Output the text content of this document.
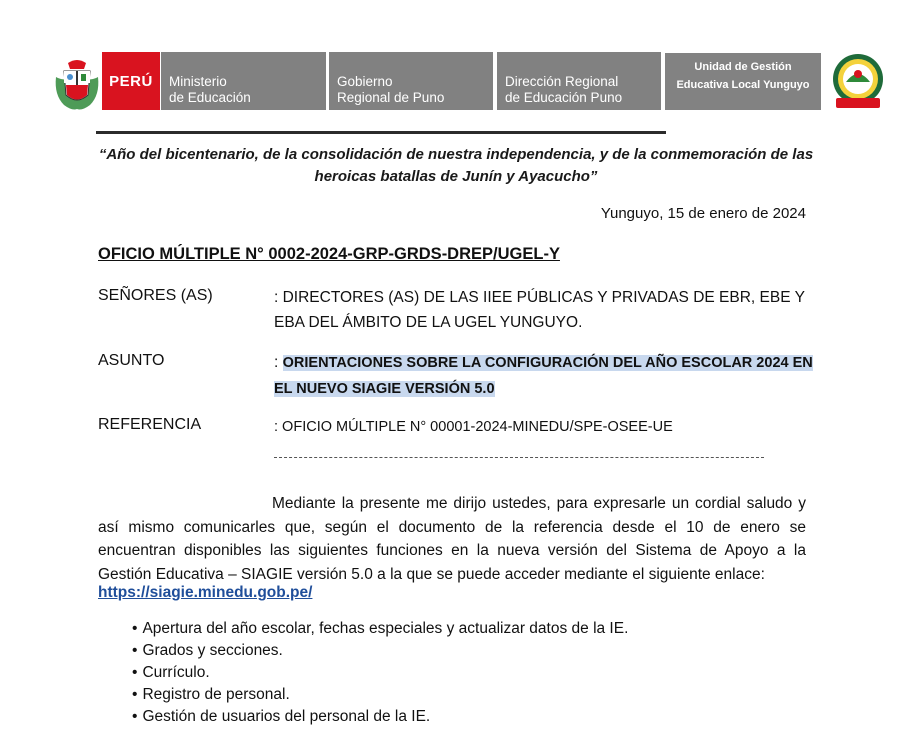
PERÚ Ministerio
de Educación
Gobierno
Regional de Puno
Dirección Regional
de Educación Puno
Unidad de Gestión
Educativa Local Yunguyo
“Año del bicentenario, de la consolidación de nuestra independencia, y de la conmemoración de las heroicas batallas de Junín y Ayacucho”
Yunguyo, 15 de enero de 2024
OFICIO MÚLTIPLE N° 0002-2024-GRP-GRDS-DREP/UGEL-Y
SEÑORES (AS)	: DIRECTORES (AS) DE LAS IIEE PÚBLICAS Y PRIVADAS DE EBR, EBE Y EBA DEL ÁMBITO DE LA UGEL YUNGUYO.
ASUNTO	: ORIENTACIONES SOBRE LA CONFIGURACIÓN DEL AÑO ESCOLAR 2024 EN EL NUEVO SIAGIE VERSIÓN 5.0
REFERENCIA	: OFICIO MÚLTIPLE N° 00001-2024-MINEDU/SPE-OSEE-UE
Mediante la presente me dirijo ustedes, para expresarle un cordial saludo y así mismo comunicarles que, según el documento de la referencia desde el 10 de enero se encuentran disponibles las siguientes funciones en la nueva versión del Sistema de Apoyo a la Gestión Educativa – SIAGIE versión 5.0 a la que se puede acceder mediante el siguiente enlace:
https://siagie.minedu.gob.pe/
• Apertura del año escolar, fechas especiales y actualizar datos de la IE.
• Grados y secciones.
• Currículo.
• Registro de personal.
• Gestión de usuarios del personal de la IE.
